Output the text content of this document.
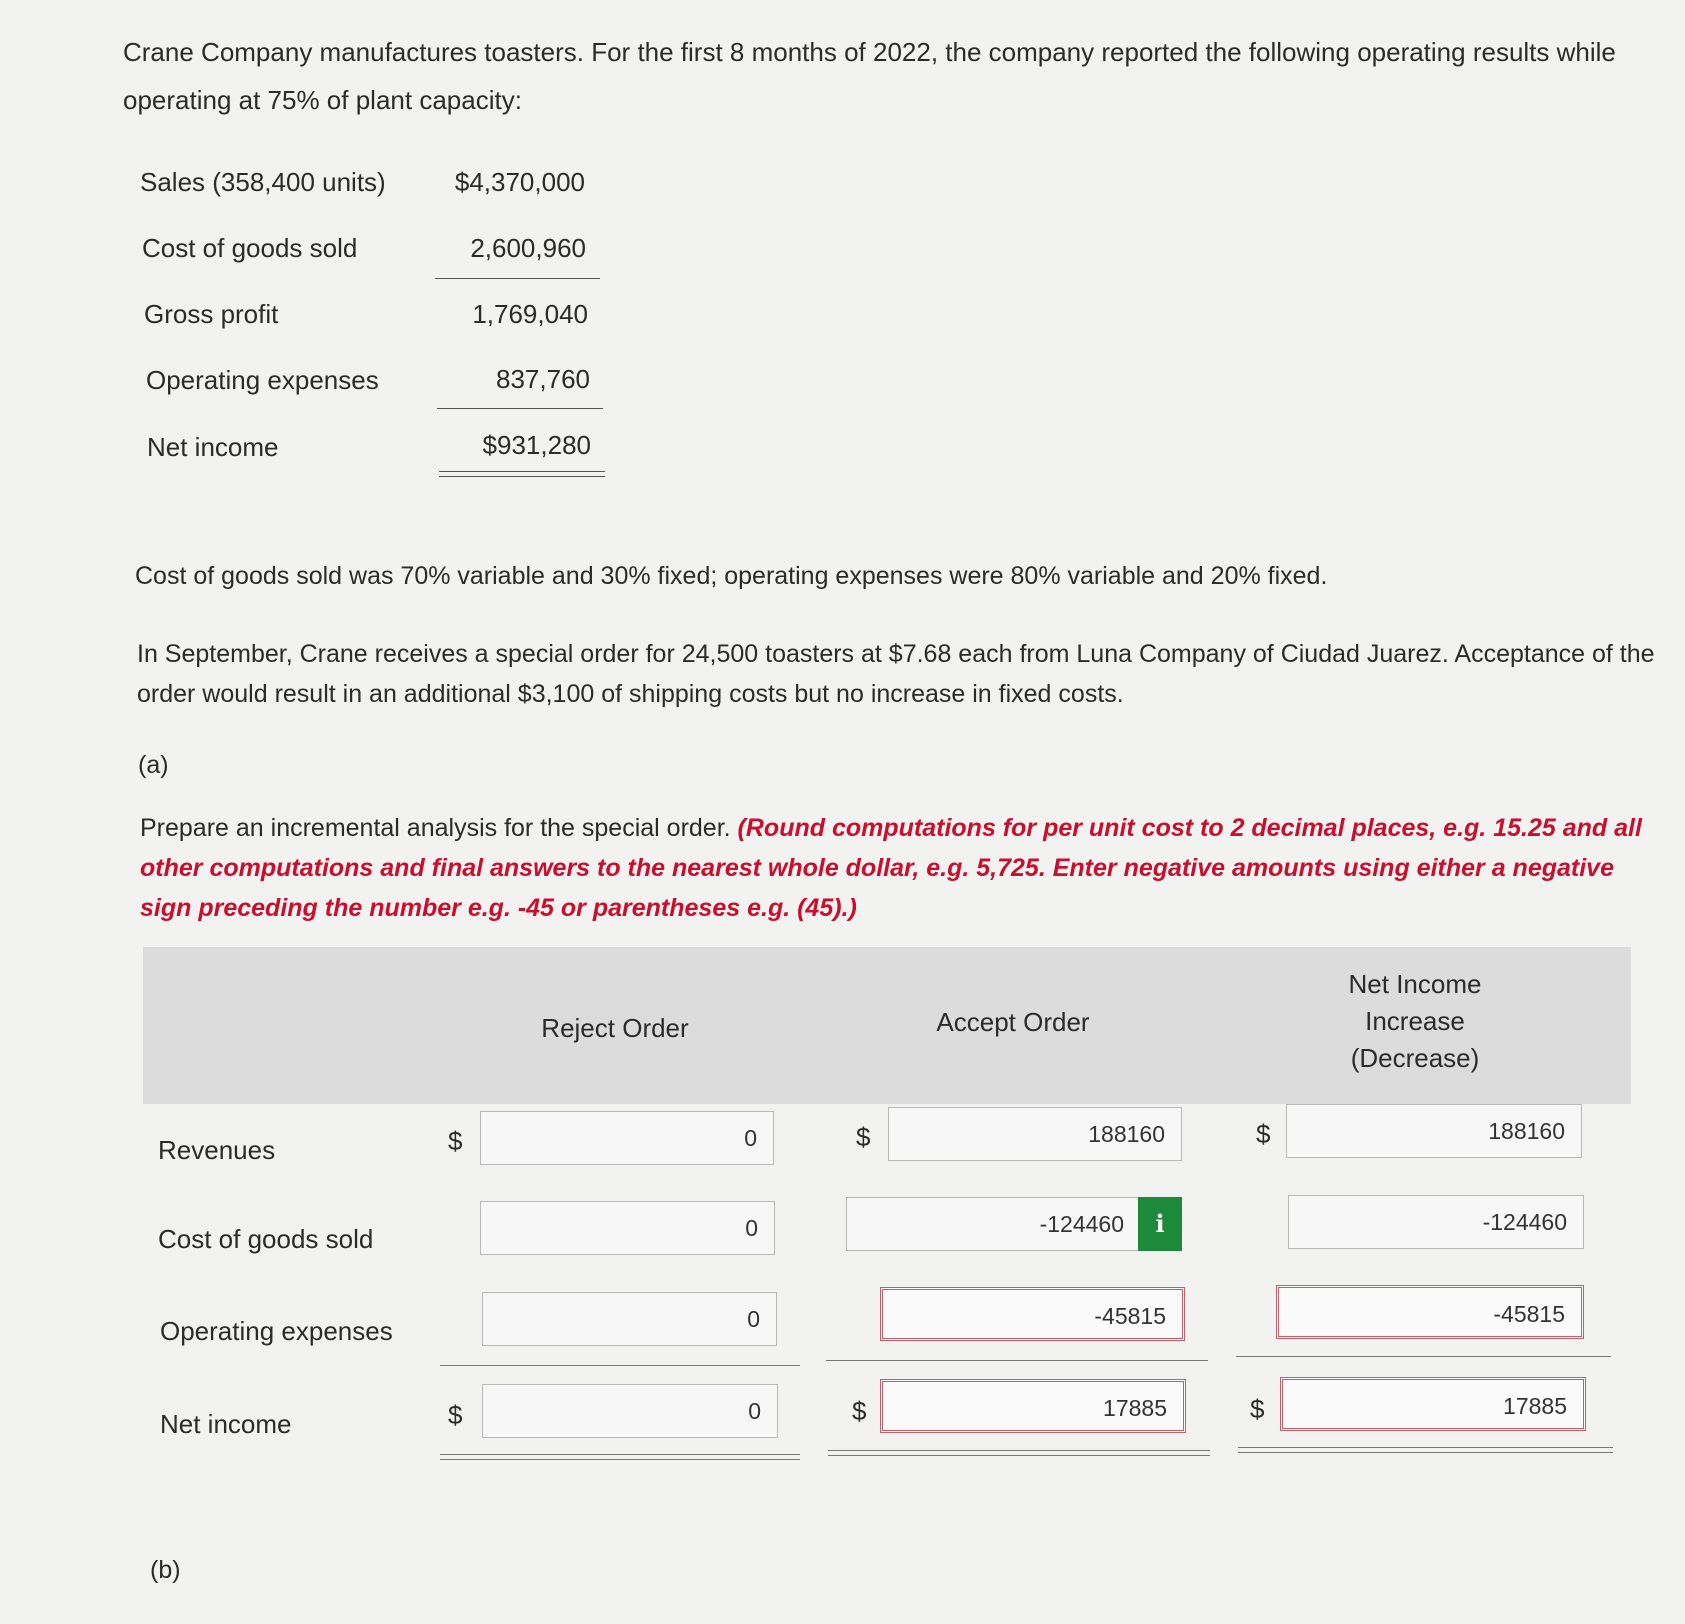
Crane Company manufactures toasters. For the first 8 months of 2022, the company reported the following operating results while operating at 75% of plant capacity:
Sales (358,400 units)	$4,370,000
Cost of goods sold	2,600,960
Gross profit	1,769,040
Operating expenses	837,760
Net income	$931,280
Cost of goods sold was 70% variable and 30% fixed; operating expenses were 80% variable and 20% fixed.
In September, Crane receives a special order for 24,500 toasters at $7.68 each from Luna Company of Ciudad Juarez. Acceptance of the order would result in an additional $3,100 of shipping costs but no increase in fixed costs.
(a)
Prepare an incremental analysis for the special order. (Round computations for per unit cost to 2 decimal places, e.g. 15.25 and all other computations and final answers to the nearest whole dollar, e.g. 5,725. Enter negative amounts using either a negative sign preceding the number e.g. -45 or parentheses e.g. (45).)
Reject Order	Accept Order
Net Income
Increase
(Decrease)
Revenues	$	0	$	188160	$	188160
Cost of goods sold	0	-124460	i	-124460
Operating expenses	0	-45815	-45815
Net income	$	0	$	17885	$	17885
(b)
